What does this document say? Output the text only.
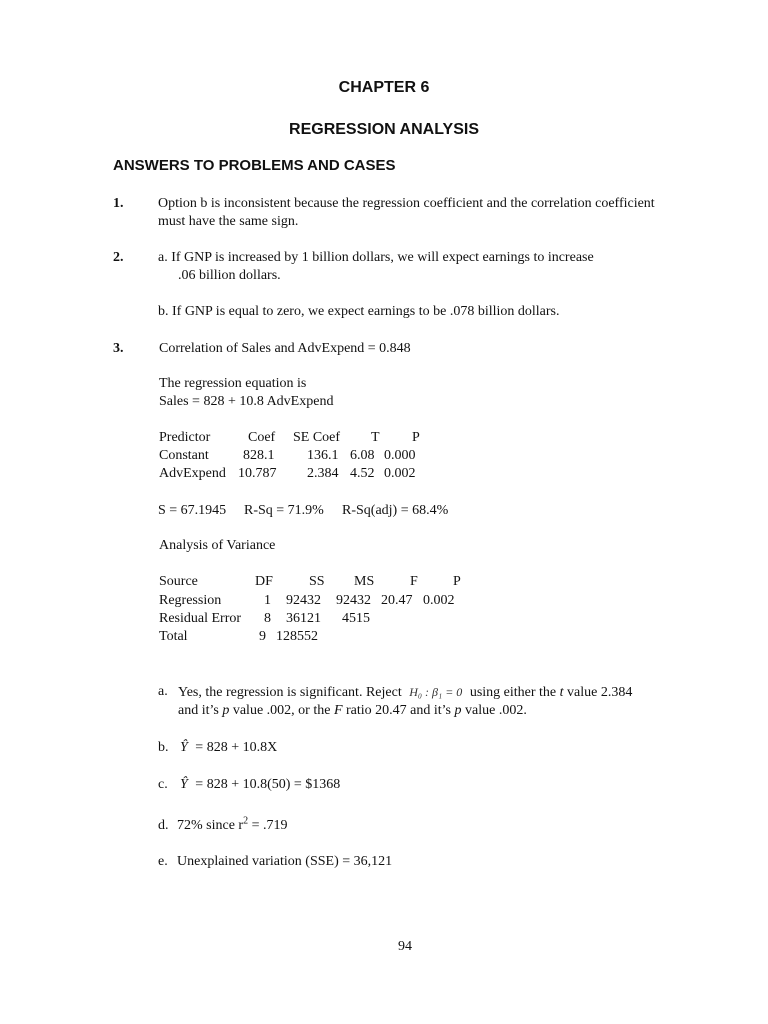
CHAPTER 6
REGRESSION ANALYSIS
ANSWERS TO PROBLEMS AND CASES
1. Option b is inconsistent because the regression coefficient and the correlation coefficient
must have the same sign.
2. a. If GNP is increased by 1 billion dollars, we will expect earnings to increase
.06 billion dollars.
b. If GNP is equal to zero, we expect earnings to be .078 billion dollars.
3.	Correlation of Sales and AdvExpend = 0.848
The regression equation is
Sales = 828 + 10.8 AdvExpend
Predictor	Coef SE Coef T P
Constant 828.1 136.1 6.08 0.000
AdvExpend 10.787 2.384 4.52 0.002
S = 67.1945 R-Sq = 71.9% R-Sq(adj) = 68.4%
Analysis of Variance
Source	DF	SS MS	F	P
Regression	1 92432 92432 20.47 0.002
Residual Error 8 36121 4515
Total	9 128552
a. Yes, the regression is significant. Reject H₀ : β₁ = 0 using either the t value 2.384
and it’s p value .002, or the F ratio 20.47 and it’s p value .002.
b. Ŷ = 828 + 10.8X
c. Ŷ = 828 + 10.8(50) = $1368
d. 72% since $r^2 = .719$
e. Unexplained variation (SSE) = 36,121
94
